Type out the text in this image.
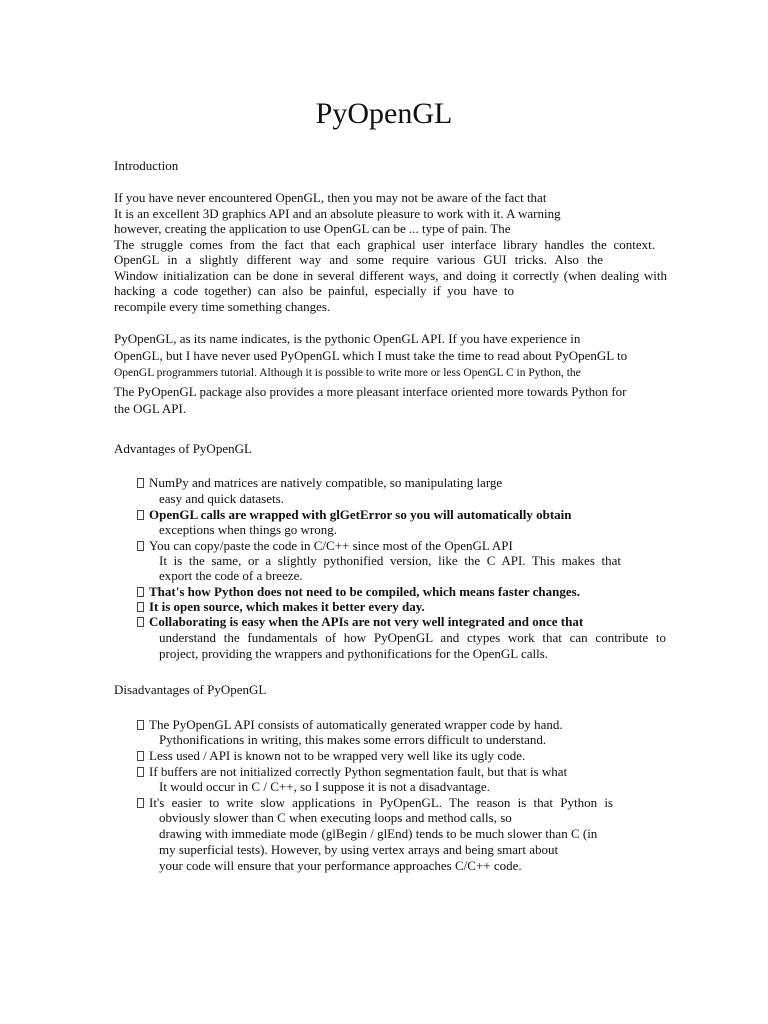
PyOpenGL
Introduction
If you have never encountered OpenGL, then you may not be aware of the fact that
It is an excellent 3D graphics API and an absolute pleasure to work with it. A warning
however, creating the application to use OpenGL can be ... type of pain. The
The struggle comes from the fact that each graphical user interface library handles the context.
OpenGL in a slightly different way and some require various GUI tricks. Also the
Window initialization can be done in several different ways, and doing it correctly (when dealing with
hacking a code together) can also be painful, especially if you have to
recompile every time something changes.
PyOpenGL, as its name indicates, is the pythonic OpenGL API. If you have experience in
OpenGL, but I have never used PyOpenGL which I must take the time to read about PyOpenGL to
OpenGL programmers tutorial. Although it is possible to write more or less OpenGL C in Python, the
The PyOpenGL package also provides a more pleasant interface oriented more towards Python for
the OGL API.
Advantages of PyOpenGL
NumPy and matrices are natively compatible, so manipulating large
easy and quick datasets.
OpenGL calls are wrapped with glGetError so you will automatically obtain
exceptions when things go wrong.
You can copy/paste the code in C/C++ since most of the OpenGL API
It is the same, or a slightly pythonified version, like the C API. This makes that
export the code of a breeze.
That's how Python does not need to be compiled, which means faster changes.
It is open source, which makes it better every day.
Collaborating is easy when the APIs are not very well integrated and once that
understand the fundamentals of how PyOpenGL and ctypes work that can contribute to
project, providing the wrappers and pythonifications for the OpenGL calls.
Disadvantages of PyOpenGL
The PyOpenGL API consists of automatically generated wrapper code by hand.
Pythonifications in writing, this makes some errors difficult to understand.
Less used / API is known not to be wrapped very well like its ugly code.
If buffers are not initialized correctly Python segmentation fault, but that is what
It would occur in C / C++, so I suppose it is not a disadvantage.
It's easier to write slow applications in PyOpenGL. The reason is that Python is
obviously slower than C when executing loops and method calls, so
drawing with immediate mode (glBegin / glEnd) tends to be much slower than C (in
my superficial tests). However, by using vertex arrays and being smart about
your code will ensure that your performance approaches C/C++ code.
